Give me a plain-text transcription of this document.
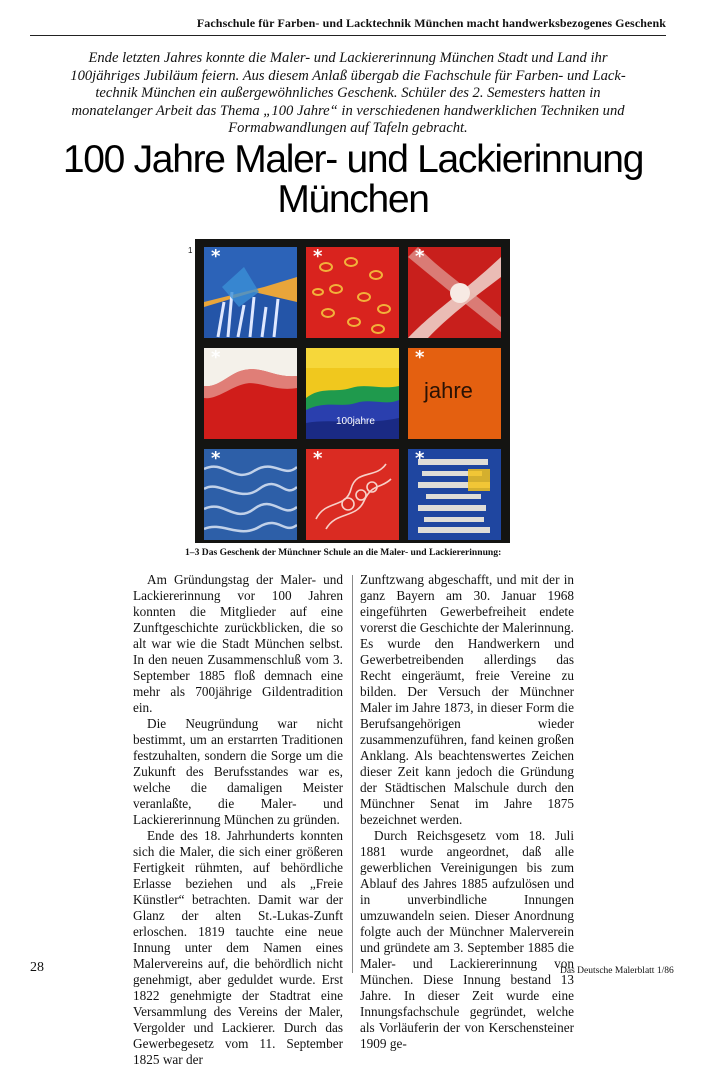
Fachschule für Farben- und Lacktechnik München macht handwerksbezogenes Geschenk
Ende letzten Jahres konnte die Maler- und Lackiererinnung München Stadt und Land ihr
100jähriges Jubiläum feiern. Aus diesem Anlaß übergab die Fachschule für Farben- und Lack-
technik München ein außergewöhnliches Geschenk. Schüler des 2. Semesters hatten in
monatelanger Arbeit das Thema „100 Jahre“ in verschiedenen handwerklichen Techniken und
Formabwandlungen auf Tafeln gebracht.
100 Jahre Maler- und Lackierinnung
München
1 *	*	*
*
100jahre
*
jahre
*	*	*
1–3 Das Geschenk der Münchner Schule an die Maler- und Lackiererinnung:

Am Gründungstag der Maler- und Lackiererinnung vor 100 Jahren konnten die Mitglieder auf eine Zunftgeschichte zurückblicken, die so alt war wie die Stadt München selbst. In den neuen Zusammenschluß vom 3. September 1885 floß demnach eine mehr als 700jährige Gildentradition ein.

Die Neugründung war nicht bestimmt, um an erstarrten Traditionen festzuhalten, sondern die Sorge um die Zukunft des Berufsstandes war es, welche die damaligen Meister veranlaßte, die Maler- und Lackiererinnung München zu gründen.

Ende des 18. Jahrhunderts konnten sich die Maler, die sich einer größeren Fertigkeit rühmten, auf behördliche Erlasse beziehen und als „Freie Künstler“ betrachten. Damit war der Glanz der alten St.-Lukas-Zunft erloschen. 1819 tauchte eine neue Innung unter dem Namen eines Malervereins auf, die behördlich nicht genehmigt, aber geduldet wurde. Erst 1822 genehmigte der Stadtrat eine Versammlung des Vereins der Maler, Vergolder und Lackierer. Durch das Gewerbegesetz vom 11. September 1825 war der

Zunftzwang abgeschafft, und mit der in ganz Bayern am 30. Januar 1968 eingeführten Gewerbefreiheit endete vorerst die Geschichte der Malerinnung. Es wurde den Handwerkern und Gewerbetreibenden allerdings das Recht eingeräumt, freie Vereine zu bilden. Der Versuch der Münchner Maler im Jahre 1873, in dieser Form die Berufsangehörigen wieder zusammenzuführen, fand keinen großen Anklang. Als beachtenswertes Zeichen dieser Zeit kann jedoch die Gründung der Städtischen Malschule durch den Münchner Senat im Jahre 1875 bezeichnet werden.

Durch Reichsgesetz vom 18. Juli 1881 wurde angeordnet, daß alle gewerblichen Vereinigungen bis zum Ablauf des Jahres 1885 aufzulösen und in unverbindliche Innungen umzuwandeln seien. Dieser Anordnung folgte auch der Münchner Malerverein und gründete am 3. September 1885 die Maler- und Lackiererinnung von München. Diese Innung bestand 13 Jahre. In dieser Zeit wurde eine Innungsfachschule gegründet, welche als Vorläuferin der von Kerschensteiner 1909 ge-

28	Das Deutsche Malerblatt 1/86
